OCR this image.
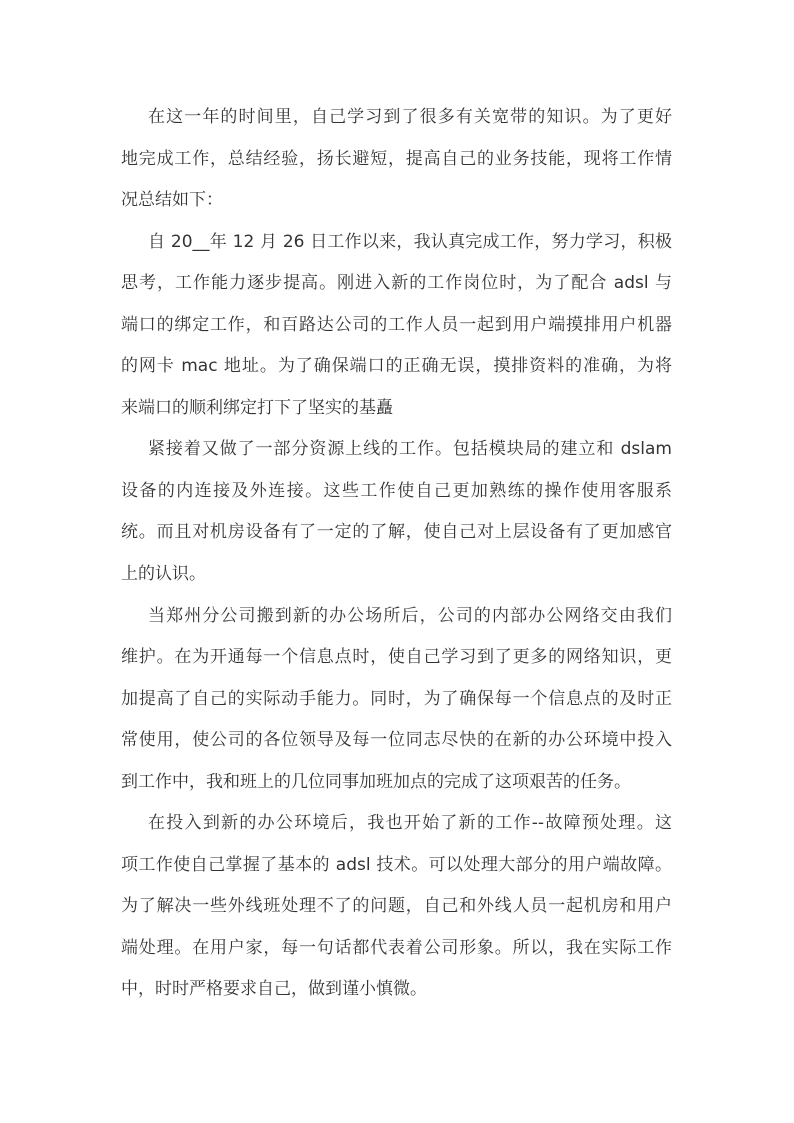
在这一年的时间里，自己学习到了很多有关宽带的知识。为了更好
地完成工作，总结经验，扬长避短，提高自己的业务技能，现将工作情
况总结如下：
自 20__年 12 月 26 日工作以来，我认真完成工作，努力学习，积极
思考，工作能力逐步提高。刚进入新的工作岗位时，为了配合 adsl 与
端口的绑定工作，和百路达公司的工作人员一起到用户端摸排用户机器
的网卡 mac 地址。为了确保端口的正确无误，摸排资料的准确，为将
来端口的顺利绑定打下了坚实的基矗
紧接着又做了一部分资源上线的工作。包括模块局的建立和 dslam
设备的内连接及外连接。这些工作使自己更加熟练的操作使用客服系
统。而且对机房设备有了一定的了解，使自己对上层设备有了更加感官
上的认识。
当郑州分公司搬到新的办公场所后，公司的内部办公网络交由我们
维护。在为开通每一个信息点时，使自己学习到了更多的网络知识，更
加提高了自己的实际动手能力。同时，为了确保每一个信息点的及时正
常使用，使公司的各位领导及每一位同志尽快的在新的办公环境中投入
到工作中，我和班上的几位同事加班加点的完成了这项艰苦的任务。
在投入到新的办公环境后，我也开始了新的工作--故障预处理。这
项工作使自己掌握了基本的 adsl 技术。可以处理大部分的用户端故障。
为了解决一些外线班处理不了的问题，自己和外线人员一起机房和用户
端处理。在用户家，每一句话都代表着公司形象。所以，我在实际工作
中，时时严格要求自己，做到谨小慎微。
